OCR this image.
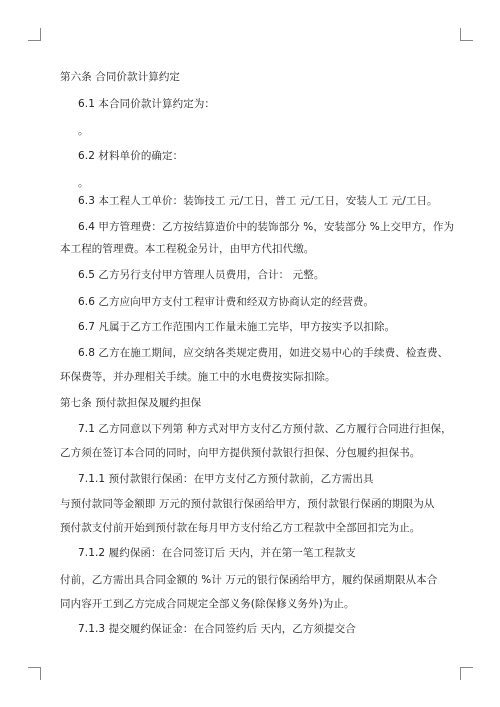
第六条 合同价款计算约定
6.1 本合同价款计算约定为：
。
6.2 材料单价的确定：
。
6.3 本工程人工单价：装饰技工 元/工日，普工 元/工日，安装人工 元/工日。
6.4 甲方管理费：乙方按结算造价中的装饰部分 %，安装部分 %上交甲方，作为
本工程的管理费。本工程税金另计，由甲方代扣代缴。
6.5 乙方另行支付甲方管理人员费用，合计： 元整。
6.6 乙方应向甲方支付工程审计费和经双方协商认定的经营费。
6.7 凡属于乙方工作范围内工作量未施工完毕，甲方按实予以扣除。
6.8 乙方在施工期间，应交纳各类规定费用，如进交易中心的手续费、检查费、
环保费等，并办理相关手续。施工中的水电费按实际扣除。
第七条 预付款担保及履约担保
7.1 乙方同意以下列第 种方式对甲方支付乙方预付款、乙方履行合同进行担保，
乙方须在签订本合同的同时，向甲方提供预付款银行担保、分包履约担保书。
7.1.1 预付款银行保函：在甲方支付乙方预付款前，乙方需出具
与预付款同等金额即 万元的预付款银行保函给甲方，预付款银行保函的期限为从
预付款支付前开始到预付款在每月甲方支付给乙方工程款中全部回扣完为止。
7.1.2 履约保函：在合同签订后 天内，并在第一笔工程款支
付前，乙方需出具合同金额的 %计 万元的银行保函给甲方，履约保函期限从本合
同内容开工到乙方完成合同规定全部义务(除保修义务外)为止。
7.1.3 提交履约保证金：在合同签约后 天内，乙方须提交合
